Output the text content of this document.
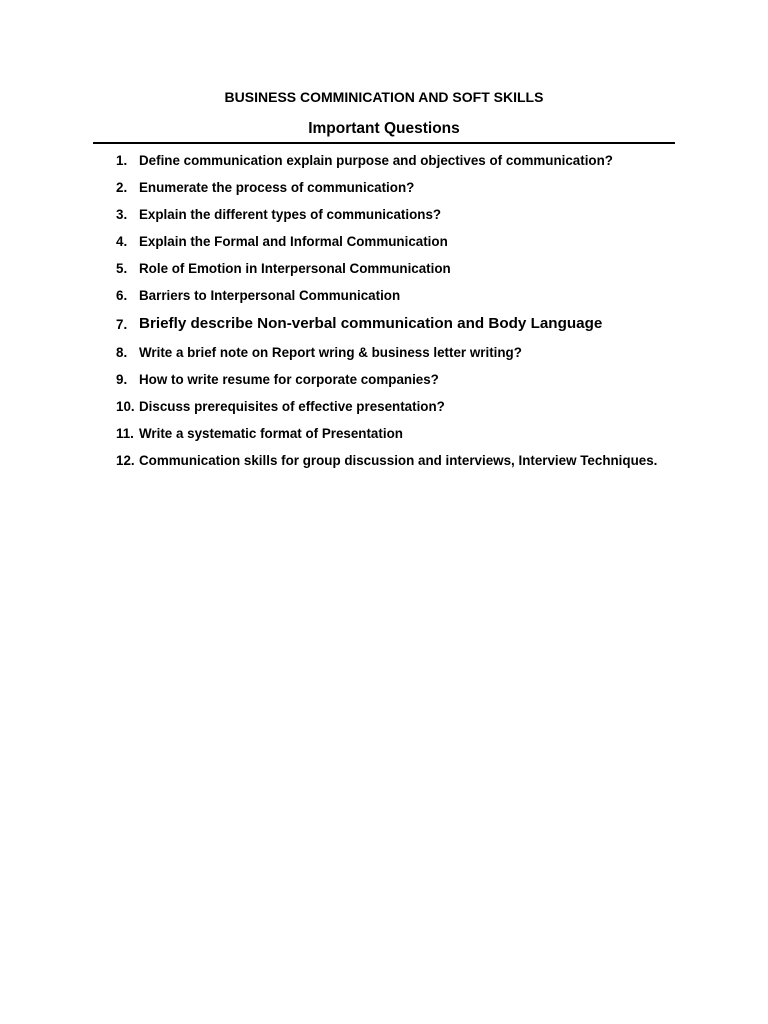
BUSINESS COMMINICATION AND SOFT SKILLS
Important Questions
1. Define communication explain purpose and objectives of communication?
2. Enumerate the process of communication?
3. Explain the different types of communications?
4. Explain the Formal and Informal Communication
5. Role of Emotion in Interpersonal Communication
6. Barriers to Interpersonal Communication
7. Briefly describe Non-verbal communication and Body Language
8. Write a brief note on Report wring & business letter writing?
9. How to write resume for corporate companies?
10. Discuss prerequisites of effective presentation?
11. Write a systematic format of Presentation
12. Communication skills for group discussion and interviews, Interview Techniques.
